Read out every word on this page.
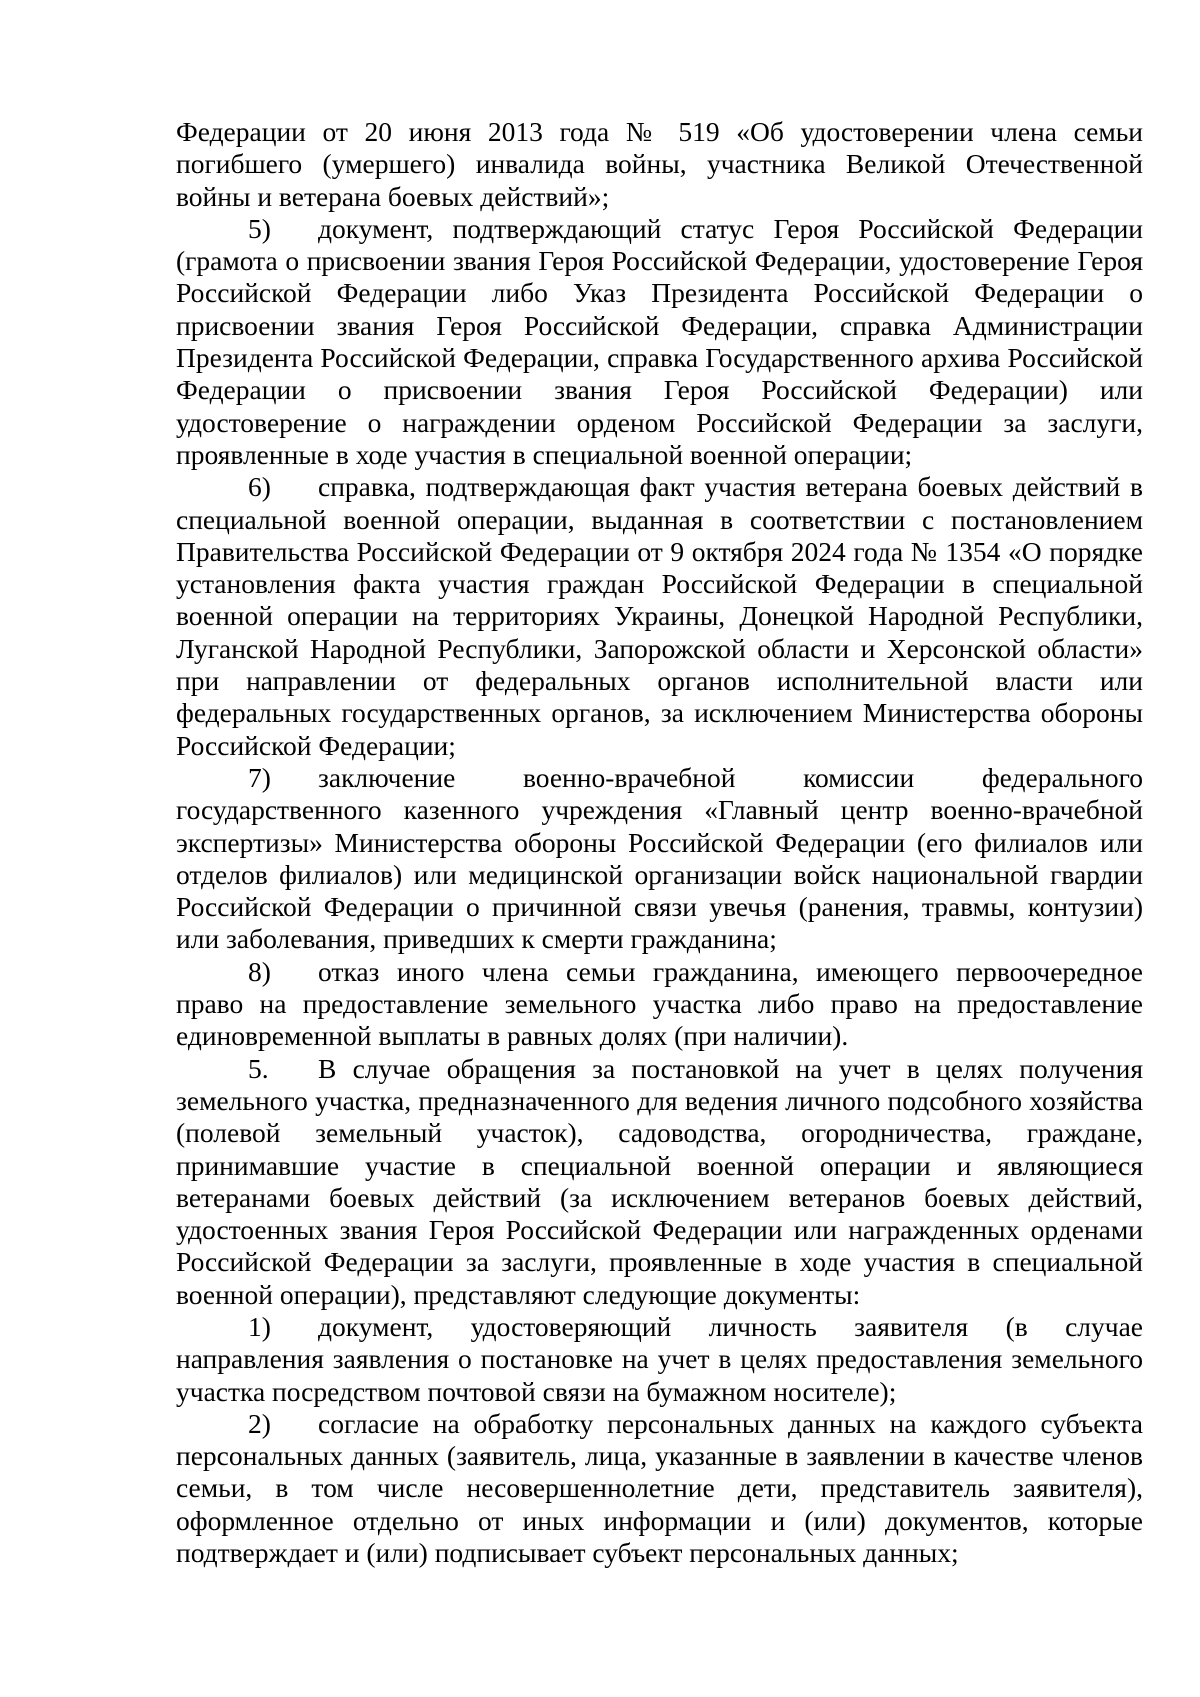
Федерации от 20 июня 2013 года № 519 «Об удостоверении члена семьи погибшего (умершего) инвалида войны, участника Великой Отечественной войны и ветерана боевых действий»;

5) документ, подтверждающий статус Героя Российской Федерации (грамота о присвоении звания Героя Российской Федерации, удостоверение Героя Российской Федерации либо Указ Президента Российской Федерации о присвоении звания Героя Российской Федерации, справка Администрации Президента Российской Федерации, справка Государственного архива Российской Федерации о присвоении звания Героя Российской Федерации) или удостоверение о награждении орденом Российской Федерации за заслуги, проявленные в ходе участия в специальной военной операции;

6) справка, подтверждающая факт участия ветерана боевых действий в специальной военной операции, выданная в соответствии с постановлением Правительства Российской Федерации от 9 октября 2024 года № 1354 «О порядке установления факта участия граждан Российской Федерации в специальной военной операции на территориях Украины, Донецкой Народной Республики, Луганской Народной Республики, Запорожской области и Херсонской области» при направлении от федеральных органов исполнительной власти или федеральных государственных органов, за исключением Министерства обороны Российской Федерации;

7) заключение военно-врачебной комиссии федерального государственного казенного учреждения «Главный центр военно-врачебной экспертизы» Министерства обороны Российской Федерации (его филиалов или отделов филиалов) или медицинской организации войск национальной гвардии Российской Федерации о причинной связи увечья (ранения, травмы, контузии) или заболевания, приведших к смерти гражданина;

8) отказ иного члена семьи гражданина, имеющего первоочередное право на предоставление земельного участка либо право на предоставление единовременной выплаты в равных долях (при наличии).

5. В случае обращения за постановкой на учет в целях получения земельного участка, предназначенного для ведения личного подсобного хозяйства (полевой земельный участок), садоводства, огородничества, граждане, принимавшие участие в специальной военной операции и являющиеся ветеранами боевых действий (за исключением ветеранов боевых действий, удостоенных звания Героя Российской Федерации или награжденных орденами Российской Федерации за заслуги, проявленные в ходе участия в специальной военной операции), представляют следующие документы:

1) документ, удостоверяющий личность заявителя (в случае направления заявления о постановке на учет в целях предоставления земельного участка посредством почтовой связи на бумажном носителе);

2) согласие на обработку персональных данных на каждого субъекта персональных данных (заявитель, лица, указанные в заявлении в качестве членов семьи, в том числе несовершеннолетние дети, представитель заявителя), оформленное отдельно от иных информации и (или) документов, которые подтверждает и (или) подписывает субъект персональных данных;
